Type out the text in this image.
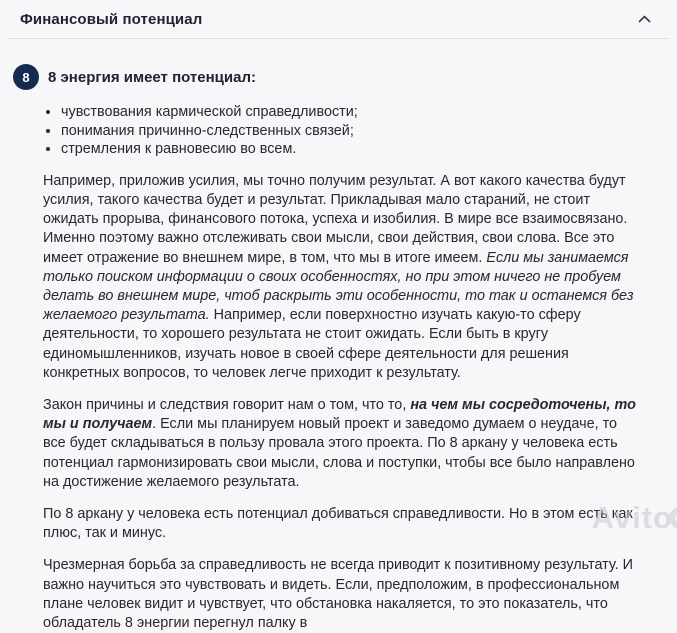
Финансовый потенциал
8	8 энергия имеет потенциал:
• чувствования кармической справедливости;
• понимания причинно-следственных связей;
• стремления к равновесию во всем.

Например, приложив усилия, мы точно получим результат. А вот какого качества будут усилия, такого качества будет и результат. Прикладывая мало стараний, не стоит ожидать прорыва, финансового потока, успеха и изобилия. В мире все взаимосвязано. Именно поэтому важно отслеживать свои мысли, свои действия, свои слова. Все это имеет отражение во внешнем мире, в том, что мы в итоге имеем. Если мы занимаемся только поиском информации о своих особенностях, но при этом ничего не пробуем делать во внешнем мире, чтоб раскрыть эти особенности, то так и останемся без желаемого результата. Например, если поверхностно изучать какую-то сферу деятельности, то хорошего результата не стоит ожидать. Если быть в кругу единомышленников, изучать новое в своей сфере деятельности для решения конкретных вопросов, то человек легче приходит к результату.

Закон причины и следствия говорит нам о том, что то, на чем мы сосредоточены, то мы и получаем. Если мы планируем новый проект и заведомо думаем о неудаче, то все будет складываться в пользу провала этого проекта. По 8 аркану у человека есть потенциал гармонизировать свои мысли, слова и поступки, чтобы все было направлено на достижение желаемого результата.

По 8 аркану у человека есть потенциал добиваться справедливости. Но в этом есть как плюс, так и минус.

Чрезмерная борьба за справедливость не всегда приводит к позитивному результату. И важно научиться это чувствовать и видеть. Если, предположим, в профессиональном плане человек видит и чувствует, что обстановка накаляется, то это показатель, что обладатель 8 энергии перегнул палку в

Avito
